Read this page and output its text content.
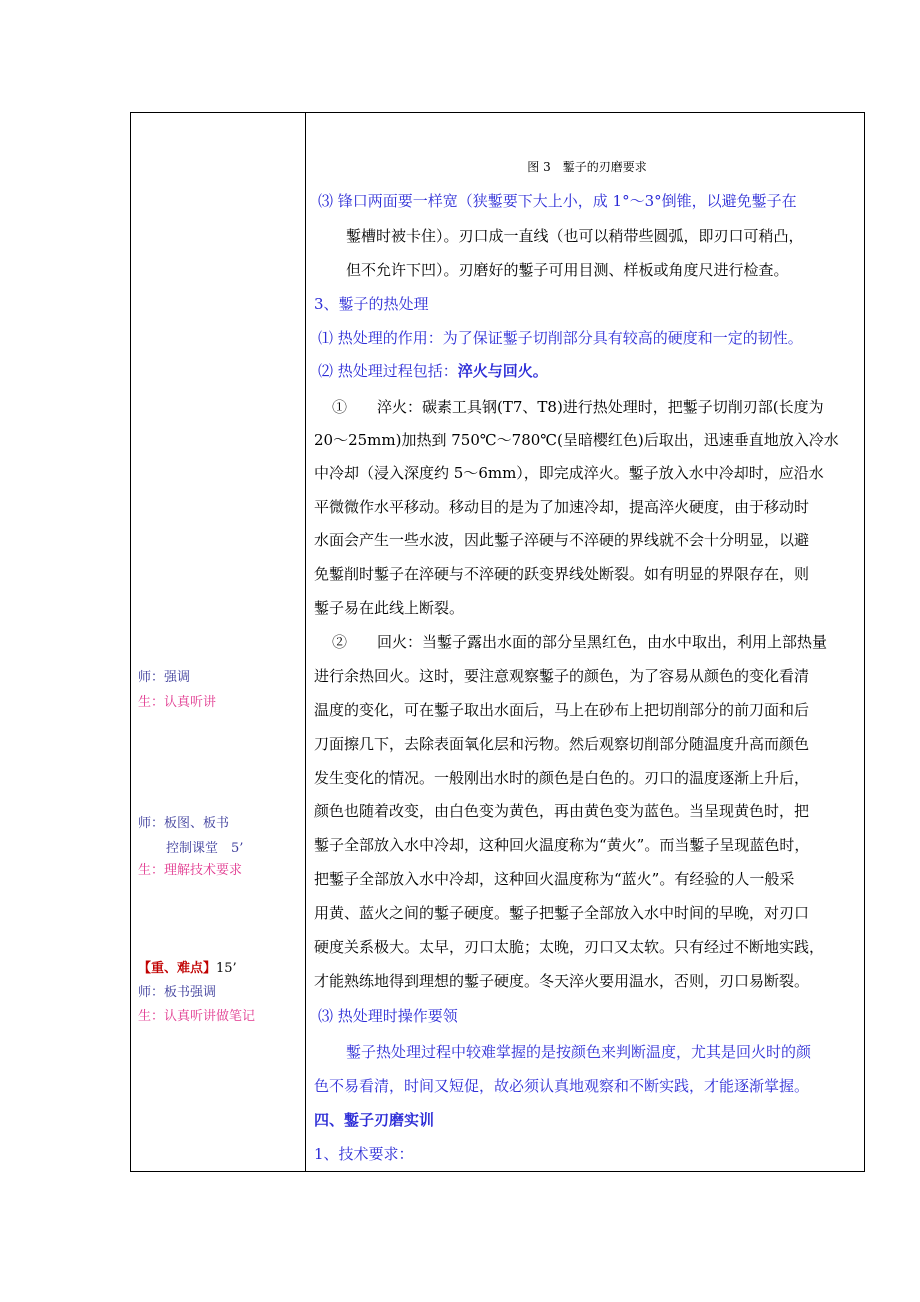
师：强调
生：认真听讲
师：板图、板书
控制课堂　5’
生：理解技术要求
【重、难点】15’
师：板书强调
生：认真听讲做笔记
图 3　鏨子的刃磨要求
⑶ 锋口两面要一样宽（狭鏨要下大上小，成 1°～3°倒锥，以避免鏨子在
鏨槽时被卡住）。刃口成一直线（也可以稍带些圆弧，即刃口可稍凸，
但不允许下凹）。刃磨好的鏨子可用目测、样板或角度尺进行检查。
3、鏨子的热处理
⑴ 热处理的作用：为了保证鏨子切削部分具有较高的硬度和一定的韧性。
⑵ 热处理过程包括：淬火与回火。
①　　淬火：碳素工具钢(T7、T8)进行热处理时，把鏨子切削刃部(长度为
20～25mm)加热到 750℃～780℃(呈暗樱红色)后取出，迅速垂直地放入冷水
中冷却（浸入深度约 5～6mm），即完成淬火。鏨子放入水中冷却时，应沿水
平微微作水平移动。移动目的是为了加速冷却，提高淬火硬度，由于移动时
水面会产生一些水波，因此鏨子淬硬与不淬硬的界线就不会十分明显，以避
免鏨削时鏨子在淬硬与不淬硬的跃变界线处断裂。如有明显的界限存在，则
鏨子易在此线上断裂。
②　　回火：当鏨子露出水面的部分呈黑红色，由水中取出，利用上部热量
进行余热回火。这时，要注意观察鏨子的颜色，为了容易从颜色的变化看清
温度的变化，可在鏨子取出水面后，马上在砂布上把切削部分的前刀面和后
刀面擦几下，去除表面氧化层和污物。然后观察切削部分随温度升高而颜色
发生变化的情况。一般刚出水时的颜色是白色的。刃口的温度逐渐上升后，
颜色也随着改变，由白色变为黄色，再由黄色变为蓝色。当呈现黄色时，把
鏨子全部放入水中冷却，这种回火温度称为“黄火”。而当鏨子呈现蓝色时，
把鏨子全部放入水中冷却，这种回火温度称为“蓝火”。有经验的人一般采
用黄、蓝火之间的鏨子硬度。鏨子把鏨子全部放入水中时间的早晚，对刃口
硬度关系极大。太早，刃口太脆；太晚，刃口又太软。只有经过不断地实践，
才能熟练地得到理想的鏨子硬度。冬天淬火要用温水，否则，刃口易断裂。
⑶ 热处理时操作要领
鏨子热处理过程中较难掌握的是按颜色来判断温度，尤其是回火时的颜
色不易看清，时间又短促，故必须认真地观察和不断实践，才能逐渐掌握。
四、鏨子刃磨实训
1、技术要求：
